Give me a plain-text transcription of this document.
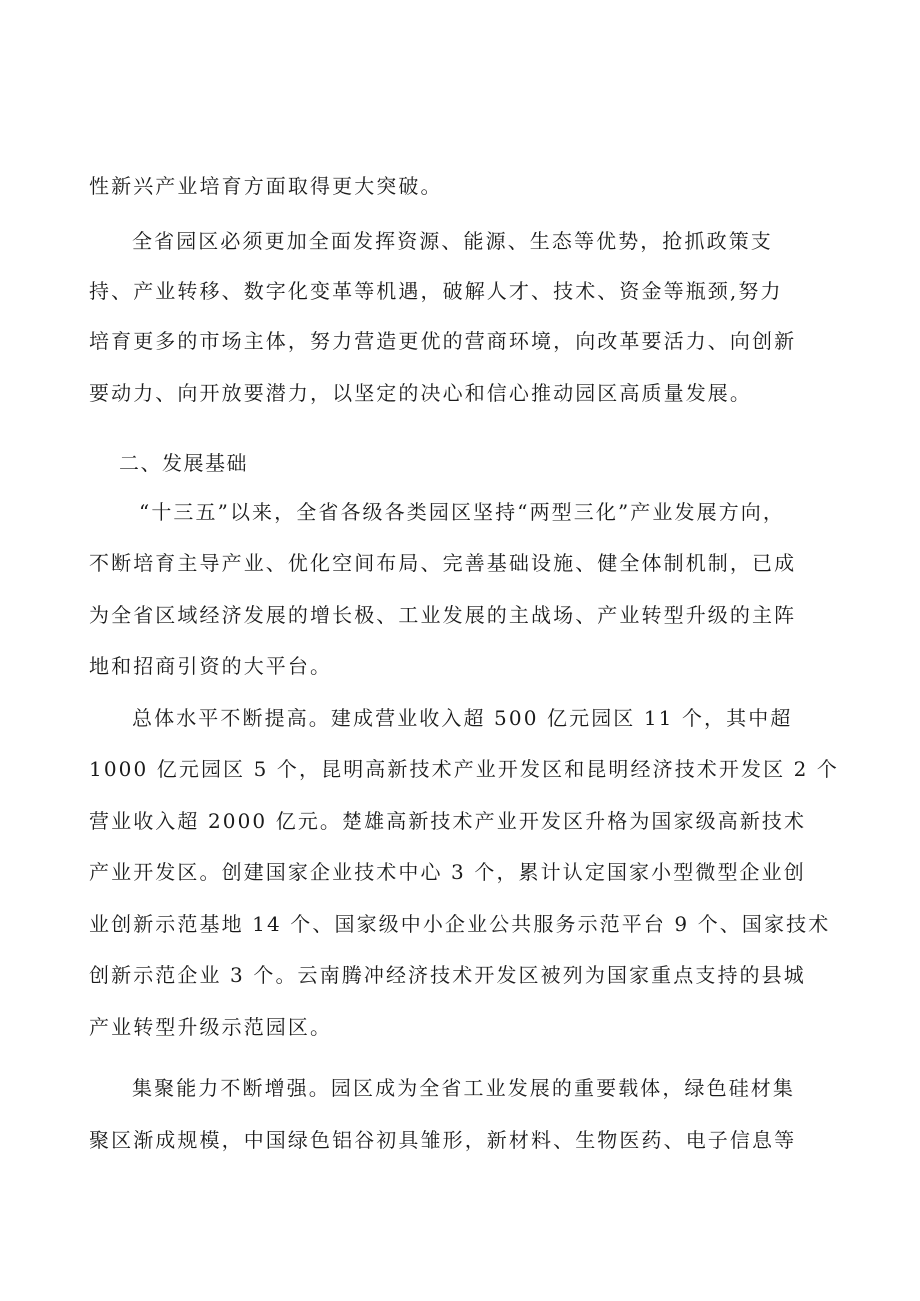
性新兴产业培育方面取得更大突破。
全省园区必须更加全面发挥资源、能源、生态等优势，抢抓政策支
持、产业转移、数字化变革等机遇，破解人才、技术、资金等瓶颈,努力
培育更多的市场主体，努力营造更优的营商环境，向改革要活力、向创新
要动力、向开放要潜力，以坚定的决心和信心推动园区高质量发展。
二、发展基础
“十三五”以来，全省各级各类园区坚持“两型三化”产业发展方向，
不断培育主导产业、优化空间布局、完善基础设施、健全体制机制，已成
为全省区域经济发展的增长极、工业发展的主战场、产业转型升级的主阵
地和招商引资的大平台。
总体水平不断提高。建成营业收入超 500 亿元园区 11 个，其中超
1000 亿元园区 5 个，昆明高新技术产业开发区和昆明经济技术开发区 2 个
营业收入超 2000 亿元。楚雄高新技术产业开发区升格为国家级高新技术
产业开发区。创建国家企业技术中心 3 个，累计认定国家小型微型企业创
业创新示范基地 14 个、国家级中小企业公共服务示范平台 9 个、国家技术
创新示范企业 3 个。云南腾冲经济技术开发区被列为国家重点支持的县城
产业转型升级示范园区。
集聚能力不断增强。园区成为全省工业发展的重要载体，绿色硅材集
聚区渐成规模，中国绿色铝谷初具雏形，新材料、生物医药、电子信息等
